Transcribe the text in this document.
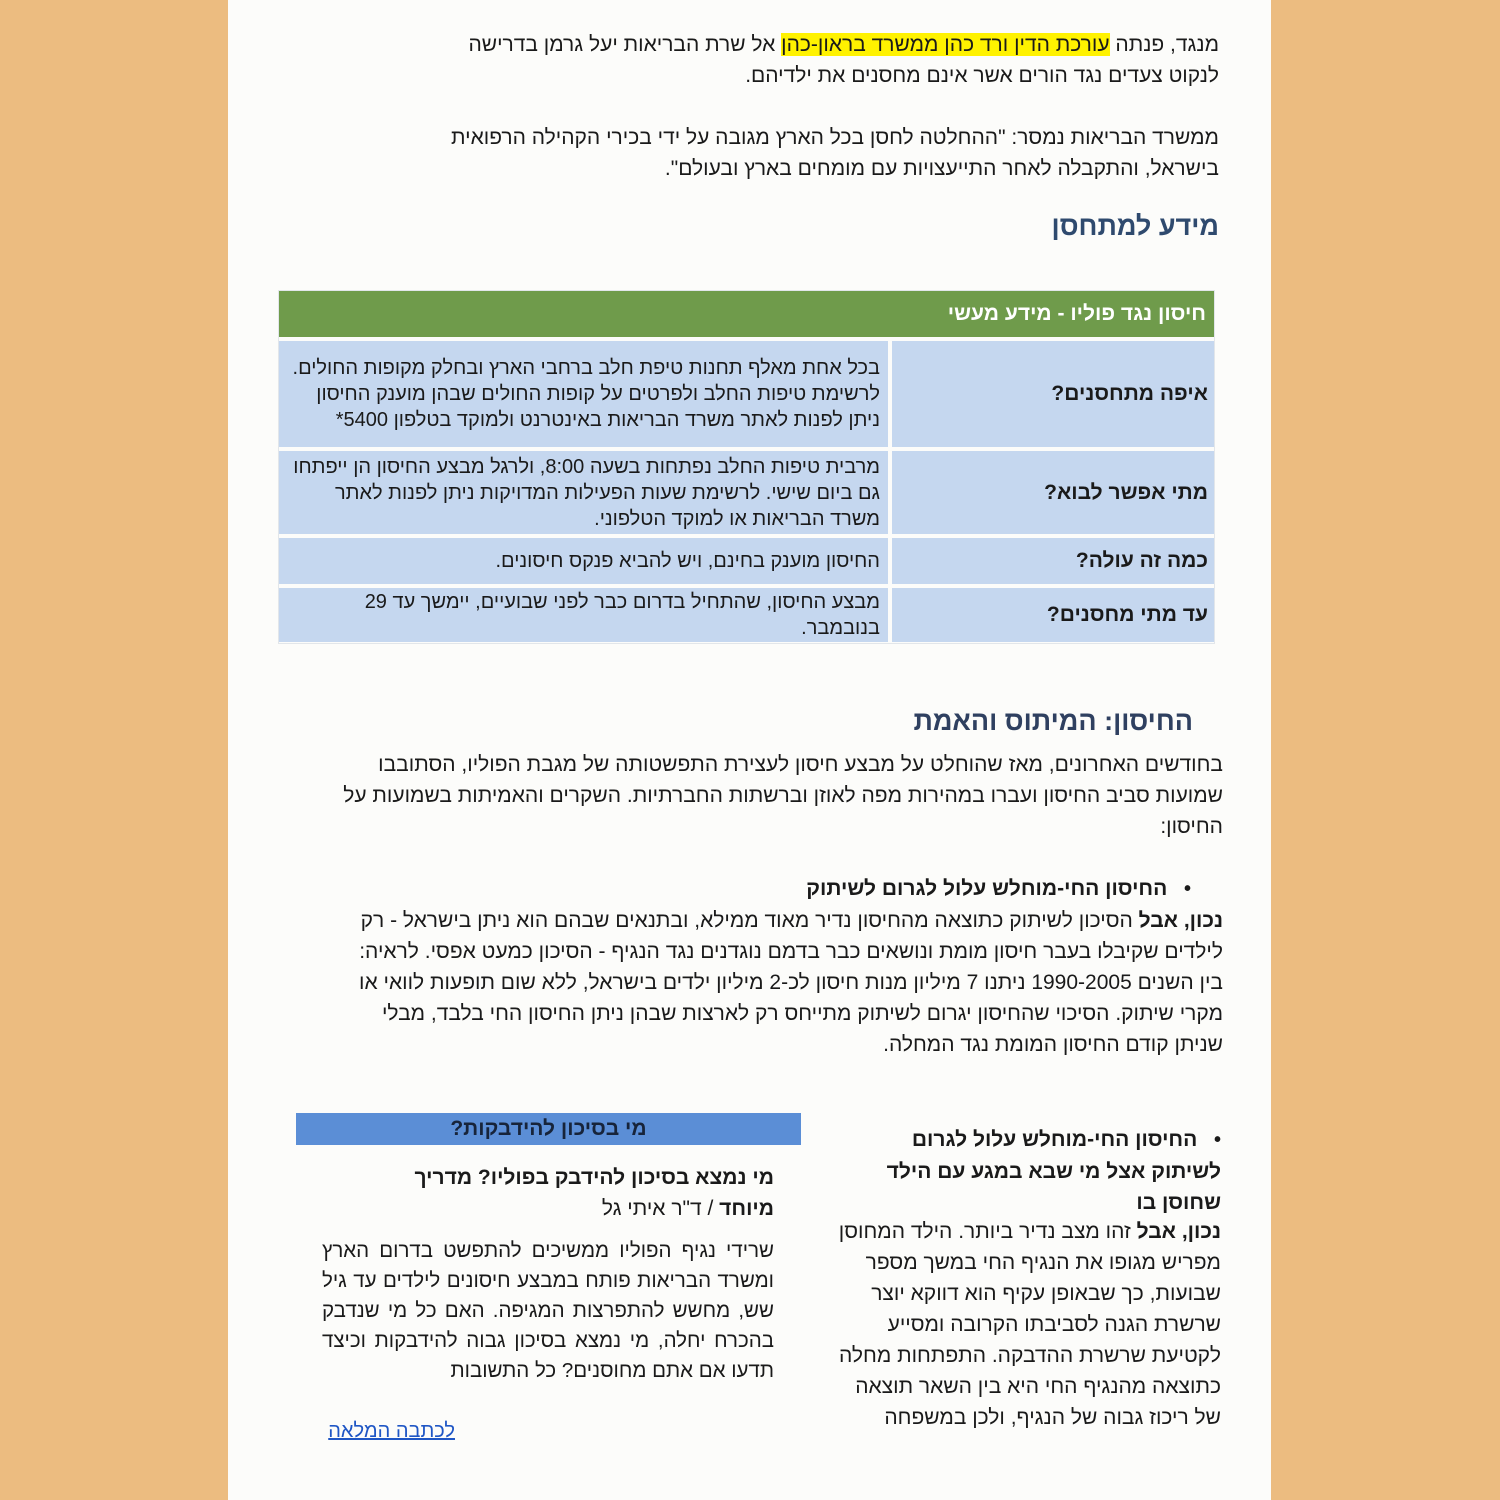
מנגד, פנתה עורכת הדין ורד כהן ממשרד בראון-כהן אל שרת הבריאות יעל גרמן בדרישה
לנקוט צעדים נגד הורים אשר אינם מחסנים את ילדיהם.

ממשרד הבריאות נמסר: "ההחלטה לחסן בכל הארץ מגובה על ידי בכירי הקהילה הרפואית
בישראל, והתקבלה לאחר התייעצויות עם מומחים בארץ ובעולם".

מידע למתחסן
חיסון נגד פוליו - מידע מעשי
איפה מתחסנים?
בכל אחת מאלף תחנות טיפת חלב ברחבי הארץ ובחלק מקופות החולים. לרשימת טיפות החלב ולפרטים על קופות החולים שבהן מוענק החיסון ניתן לפנות לאתר משרד הבריאות באינטרנט ולמוקד בטלפון 5400*
מתי אפשר לבוא?
מרבית טיפות החלב נפתחות בשעה 8:00, ולרגל מבצע החיסון הן ייפתחו גם ביום שישי. לרשימת שעות הפעילות המדויקות ניתן לפנות לאתר משרד הבריאות או למוקד הטלפוני.
כמה זה עולה?
החיסון מוענק בחינם, ויש להביא פנקס חיסונים.
עד מתי מחסנים?
מבצע החיסון, שהתחיל בדרום כבר לפני שבועיים, יימשך עד 29 בנובמבר.
החיסון: המיתוס והאמת

בחודשים האחרונים, מאז שהוחלט על מבצע חיסון לעצירת התפשטותה של מגבת הפוליו, הסתובבו שמועות סביב החיסון ועברו במהירות מפה לאוזן וברשתות החברתיות. השקרים והאמיתות בשמועות על החיסון:

•   החיסון החי-מוחלש עלול לגרום לשיתוק

נכון, אבל הסיכון לשיתוק כתוצאה מהחיסון נדיר מאוד ממילא, ובתנאים שבהם הוא ניתן בישראל - רק לילדים שקיבלו בעבר חיסון מומת ונושאים כבר בדמם נוגדנים נגד הנגיף - הסיכון כמעט אפסי. לראיה: בין השנים 1990-2005 ניתנו 7 מיליון מנות חיסון לכ-2 מיליון ילדים בישראל, ללא שום תופעות לוואי או מקרי שיתוק. הסיכוי שהחיסון יגרום לשיתוק מתייחס רק לארצות שבהן ניתן החיסון החי בלבד, מבלי שניתן קודם החיסון המומת נגד המחלה.

•   החיסון החי-מוחלש עלול לגרום לשיתוק אצל מי שבא במגע עם הילד שחוסן בו

נכון, אבל זהו מצב נדיר ביותר. הילד המחוסן מפריש מגופו את הנגיף החי במשך מספר שבועות, כך שבאופן עקיף הוא דווקא יוצר שרשרת הגנה לסביבתו הקרובה ומסייע לקטיעת שרשרת ההדבקה. התפתחות מחלה כתוצאה מהנגיף החי היא בין השאר תוצאה של ריכוז גבוה של הנגיף, ולכן במשפחה

מי בסיכון להידבקות?
מי נמצא בסיכון להידבק בפוליו? מדריך
מיוחד / ד"ר איתי גל

שרידי נגיף הפוליו ממשיכים להתפשט בדרום הארץ ומשרד הבריאות פותח במבצע חיסונים לילדים עד גיל שש, מחשש להתפרצות המגיפה. האם כל מי שנדבק בהכרח יחלה, מי נמצא בסיכון גבוה להידבקות וכיצד תדעו אם אתם מחוסנים? כל התשובות

לכתבה המלאה
